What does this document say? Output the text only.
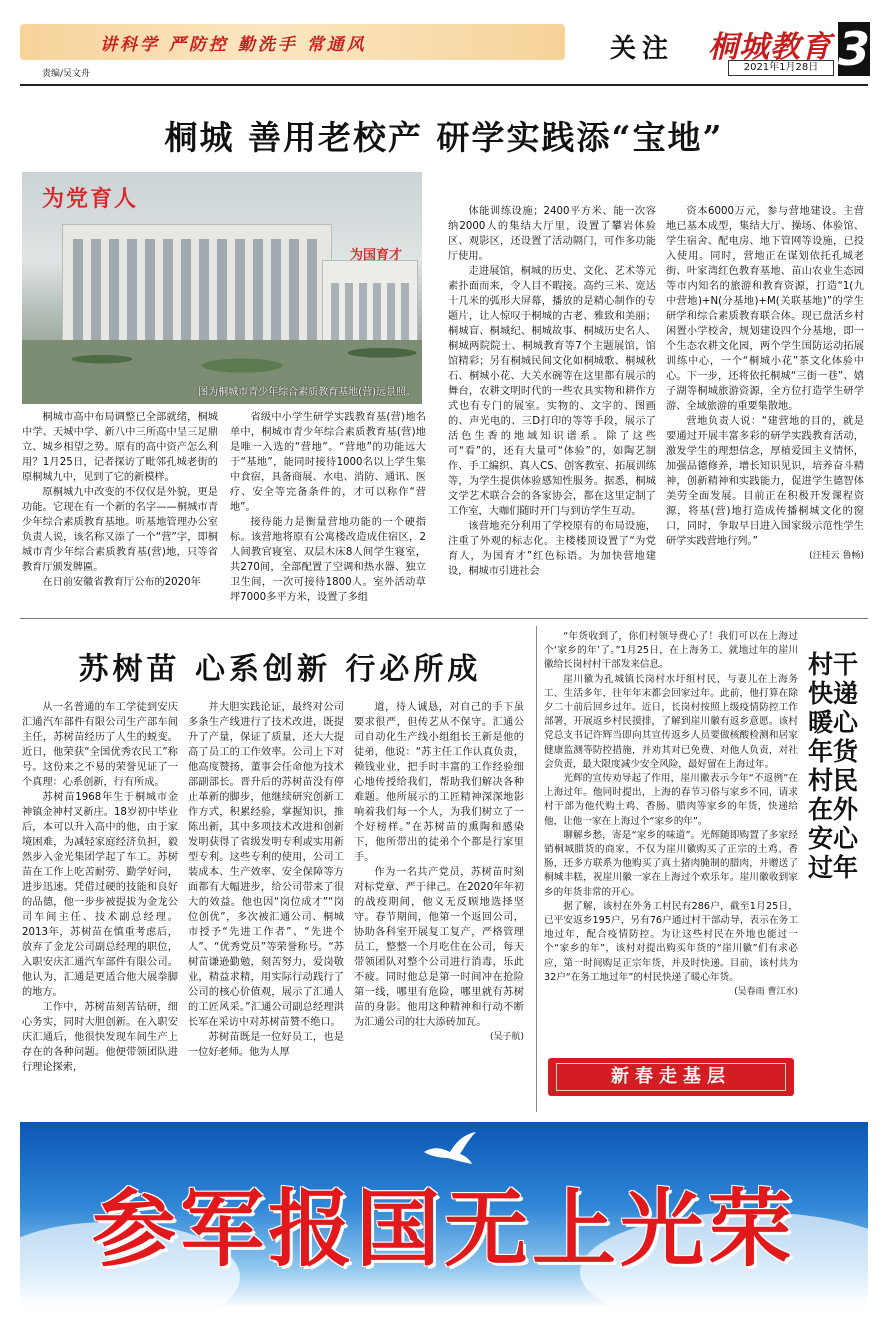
讲科学 严防控 勤洗手 常通风
责编/吴文舟
关注 桐城教育
2021年1月28日 3
桐城 善用老校产 研学实践添“宝地”
为党育人
为国育才
图为桐城市青少年综合素质教育基地(营)远景照。

桐城市高中布局调整已全部就绪，桐城中学、天城中学、新八中三所高中呈三足鼎立、城乡相望之势。原有的高中资产怎么利用？1月25日，记者探访了毗邻孔城老街的原桐城九中，见到了它的新模样。

原桐城九中改变的不仅仅是外貌，更是功能。它现在有一个新的名字——桐城市青少年综合素质教育基地。听基地管理办公室负责人说，该名称又添了一个“营”字，即桐城市青少年综合素质教育基(营)地，只等省教育厅颁发牌匾。

在日前安徽省教育厅公布的2020年

省级中小学生研学实践教育基(营)地名单中，桐城市青少年综合素质教育基(营)地是唯一入选的“营地”。“营地”的功能远大于“基地”，能同时接待1000名以上学生集中食宿，具备商展、水电、消防、通讯、医疗、安全等完备条件的，才可以称作“营地”。

接待能力是衡量营地功能的一个硬指标。该营地将原有公寓楼改造成住宿区，2人间教官寝室、双层木床8人间学生寝室，共270间，全部配置了空调和热水器、独立卫生间，一次可接待1800人。室外活动草坪7000多平方米，设置了多组

体能训练设施；2400平方米、能一次容纳2000人的集结大厅里，设置了攀岩体验区、观影区，还设置了活动隔门，可作多功能厅使用。

走进展馆，桐城的历史、文化、艺术等元素扑面而来，令人目不暇接。高约三米、宽达十几米的弧形大屏幕，播放的是精心制作的专题片，让人惊叹于桐城的古老、雅致和美丽；桐城盲、桐城纪、桐城故事、桐城历史名人、桐城两院院士、桐城教育等7个主题展馆，馆馆精彩；另有桐城民间文化如桐城歌、桐城秋石、桐城小花、大关水碗等在这里都有展示的舞台，农耕文明时代的一些农具实物和耕作方式也有专门的展室。实物的、文字的、图画的、声光电的、三D打印的等等手段，展示了活色生香的地域知识谱系。除了这些可“看”的，还有大量可“体验”的，如陶艺制作、手工编织、真人CS、创客教室、拓展训练等，为学生提供体验感知性服务。据悉，桐城文学艺术联合会的各家协会，都在这里定制了工作室，大咖们随时开门与到访学生互动。

该营地充分利用了学校原有的布局设施，注重了外观的标志化。主楼楼顶设置了“为党育人，为国育才”红色标语。为加快营地建设，桐城市引进社会

资本6000万元，参与营地建设。主营地已基本成型，集结大厅、操场、体验馆、学生宿舍、配电房、地下管网等设施，已投入使用。同时，营地正在谋划依托孔城老街、叶家湾红色教育基地、苗山农业生态园等市内知名的旅游和教育资源，打造“1(九中营地)+N(分基地)+M(关联基地)”的学生研学和综合素质教育联合体。现已盘活乡村闲置小学校舍，规划建设四个分基地，即一个生态农耕文化园，两个学生国防运动拓展训练中心，一个“桐城小花”茶文化体验中心。下一步，还将依托桐城“三街一巷”、嬉子湖等桐城旅游资源，全方位打造学生研学游、全域旅游的重要集散地。

营地负责人说：“建营地的目的，就是要通过开展丰富多彩的研学实践教育活动，激发学生的理想信念，厚植爱国主义情怀，加强品德修养，增长知识见识，培养奋斗精神，创新精神和实践能力，促进学生德智体美劳全面发展。目前正在积极开发课程资源，将基(营)地打造成传播桐城文化的窗口，同时，争取早日进入国家级示范性学生研学实践营地行列。”

(汪桂云 鲁畅)

苏树苗 心系创新 行必所成

从一名普通的车工学徒到安庆汇通汽车部件有限公司生产部车间主任，苏树苗经历了人生的蜕变。近日，他荣获“全国优秀农民工”称号。这份来之不易的荣誉见证了一个真理：心系创新，行有所成。

苏树苗1968年生于桐城市金神镇金神村叉新庄。18岁初中毕业后，本可以升入高中的他，由于家境困难，为减轻家庭经济负担，毅然步入金光集团学起了车工。苏树苗在工作上吃苦耐劳、勤学好问，进步迅速。凭借过硬的技能和良好的品德，他一步步被提拔为金龙公司车间主任、技术副总经理。2013年，苏树苗在慎重考虑后，放弃了金龙公司副总经理的职位，入职安庆汇通汽车部件有限公司。他认为，汇通是更适合他大展拳脚的地方。

工作中，苏树苗刻苦钻研，细心务实，同时大胆创新。在入职安庆汇通后，他很快发现车间生产上存在的各种问题。他便带领团队进行理论探索，

并大胆实践论证，最终对公司多条生产线进行了技术改进，既提升了产量，保证了质量，还大大提高了员工的工作效率。公司上下对他高度赞扬，董事会任命他为技术部副部长。晋升后的苏树苗没有停止革新的脚步，他继续研究创新工作方式，积累经验，掌握知识，推陈出新，其中多项技术改进和创新发明获得了省级发明专利或实用新型专利。这些专利的使用，公司工装成本、生产效率、安全保障等方面都有大幅进步，给公司带来了很大的效益。他也因“岗位成才”“岗位创优”，多次被汇通公司、桐城市授予“先进工作者”、“先进个人”、“优秀党员”等荣誉称号。“苏树苗谦逊勤勉，刻苦努力，爱岗敬业，精益求精，用实际行动践行了公司的核心价值观，展示了汇通人的工匠风采。”汇通公司副总经理洪长军在采访中对苏树苗赞不绝口。

苏树苗既是一位好员工，也是一位好老师。他为人厚

道，待人诚恳，对自己的手下虽要求很严，但传艺从不保守。汇通公司自动化生产线小组组长王新是他的徒弟，他说：“苏主任工作认真负责，赖钱业业，把手时丰富的工作经验细心地传授给我们，帮助我们解决各种难题。他所展示的工匠精神深深地影响着我们每一个人，为我们树立了一个好榜样。”在苏树苗的熏陶和感染下，他所带出的徒弟个个都是行家里手。

作为一名共产党员，苏树苗时刻对标党章、严于律己。在2020年年初的战疫期间，他义无反顾地选择坚守。春节期间，他第一个返回公司，协助各科室开展复工复产，严格管理员工，整整一个月吃住在公司，每天带领团队对整个公司进行消毒，乐此不疲。同时他总是第一时间冲在抢险第一线，哪里有危险，哪里就有苏树苗的身影。他用这种精神和行动不断为汇通公司的壮大添砖加瓦。

(吴子航)

“年货收到了，你们村领导费心了！我们可以在上海过个‘家乡的年’了。”1月25日，在上海务工、就地过年的崖川徽给长岗村村干部发来信息。

崖川徽为孔城镇长岗村水圩组村民，与妻儿在上海务工、生活多年，往年年末都会回家过年。此前，他打算在除夕二十前后回乡过年。近日，长岗村按照上级疫情防控工作部署，开展返乡村民摸排，了解到崖川徽有返乡意愿。该村党总支书记许辉当即向其宣传返乡人员要做核酸检测和居家健康监测等防控措施，并劝其对已免费、对他人负责，对社会负责，最大限度减少安全风险，最好留在上海过年。

光辉的宣传劝导起了作用，崖川徽表示今年“不返例”在上海过年。他同时提出，上海的春节习俗与家乡不同，请求村干部为他代购土鸡、香肠、腊肉等家乡的年货，快递给他，让他一家在上海过个“家乡的年”。

聊解乡愁，寄是“家乡的味道”。光辉随即购置了多家经销桐城腊货的商家，不仅为崖川徽购买了正宗的土鸡、香肠，还多方联系为他购买了真土猪肉腌制的腊肉，并赠送了桐城丰糕，祝崖川徽一家在上海过个欢乐年。崖川徽收到家乡的年货非常的开心。

据了解，该村在外务工村民有286户，截至1月25日，已平安返乡195户，另有76户通过村干部动导，表示在务工地过年，配合疫情防控。为让这些村民在外地也能过一个“家乡的年”，该村对提出购买年货的“崖川徽”们有求必应，第一时间购足正宗年货，并及时快递。目前，该村共为32户“在务工地过年”的村民快递了暖心年货。

(吴春雨 曹江水)

村干快递暖心年货 村民在外安心过年
新春走基层
参军报国无上光荣
